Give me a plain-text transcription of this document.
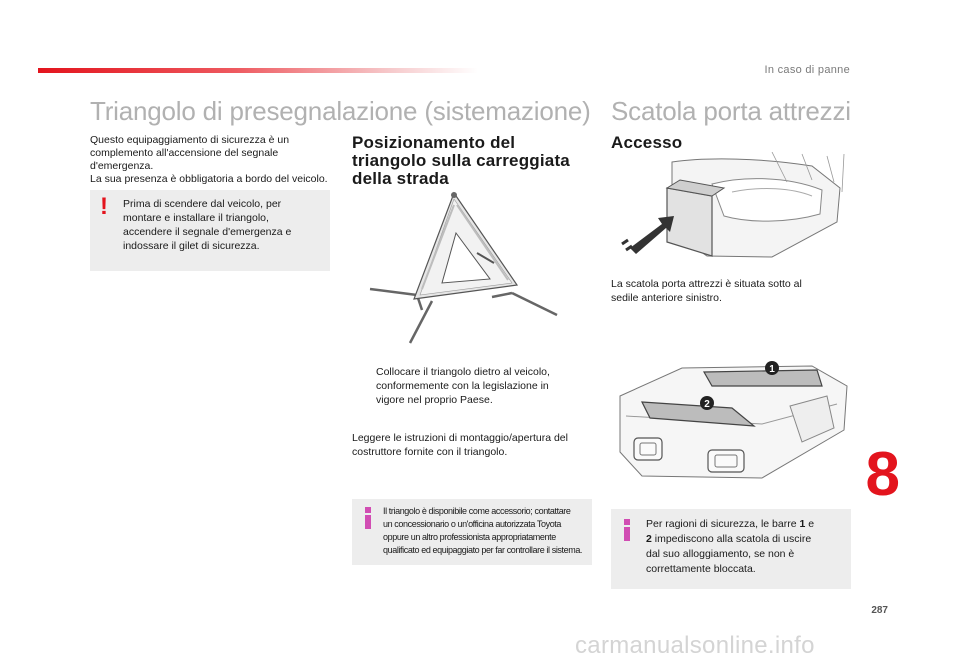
In caso di panne
Triangolo di presegnalazione (sistemazione)
Questo equipaggiamento di sicurezza è un
complemento all'accensione del segnale
d'emergenza.
La sua presenza è obbligatoria a bordo del veicolo.
! Prima di scendere dal veicolo, per
montare e installare il triangolo,
accendere il segnale d'emergenza e
indossare il gilet di sicurezza.
Posizionamento del
triangolo sulla carreggiata
della strada
Collocare il triangolo dietro al veicolo,
conformemente con la legislazione in
vigore nel proprio Paese.
Leggere le istruzioni di montaggio/apertura del
costruttore fornite con il triangolo.
Il triangolo è disponibile come accessorio; contattare
un concessionario o un'officina autorizzata Toyota
oppure un altro professionista appropriatamente
qualificato ed equipaggiato per far controllare il sistema.
Scatola porta attrezzi
Accesso
La scatola porta attrezzi è situata sotto al
sedile anteriore sinistro.
1
2
Per ragioni di sicurezza, le barre 1 e
2 impediscono alla scatola di uscire
dal suo alloggiamento, se non è
correttamente bloccata.
8
287
carmanualsonline.info
